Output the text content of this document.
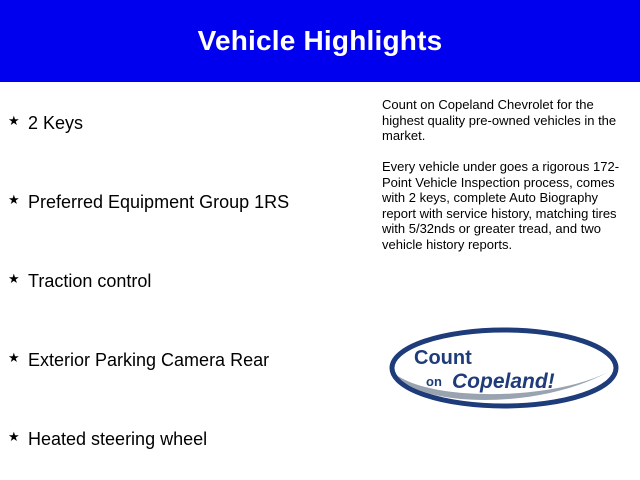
Vehicle Highlights
★ 2 Keys
★ Preferred Equipment Group 1RS
★ Traction control
★ Exterior Parking Camera Rear
★ Heated steering wheel

Count on Copeland Chevrolet for the highest quality pre-owned vehicles in the market.

Every vehicle under goes a rigorous 172-Point Vehicle Inspection process, comes with 2 keys, complete Auto Biography report with service history, matching tires with 5/32nds or greater tread, and two vehicle history reports.

Count
on Copeland!
